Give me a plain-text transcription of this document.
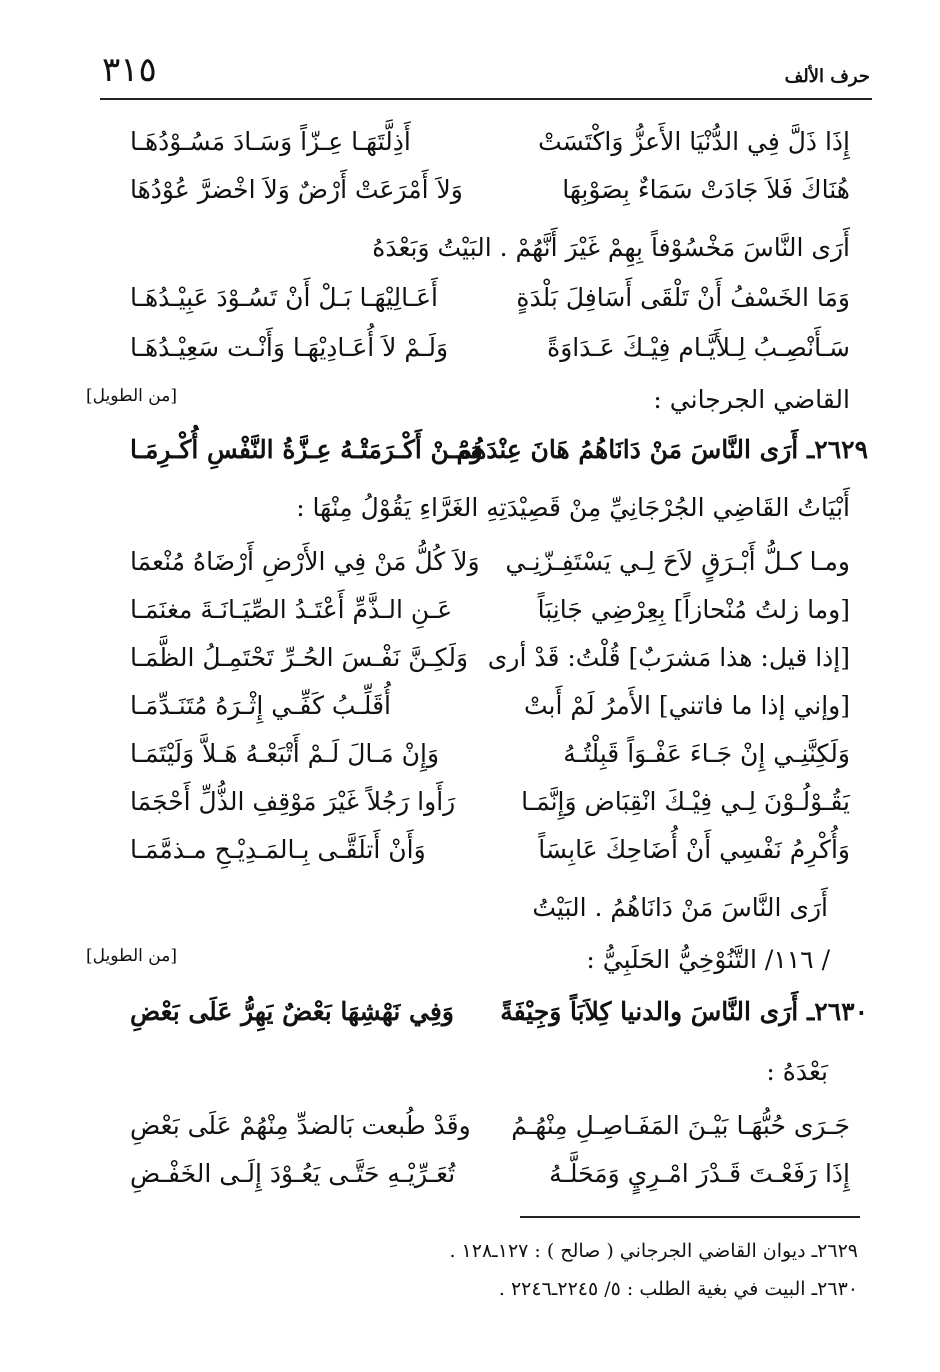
٣١٥	حرف الألف
إِذَا ذَلَّ فِي الدُّنْيَا الأَعزُّ وَاكْتَسَتْ
أَذِلَّتَهَـا عِـزّاً وَسَـادَ مَسُـوْدُهَـا
هُنَاكَ فَلاَ جَادَتْ سَمَاءٌ بِصَوْبِهَا
وَلاَ أَمْرَعَتْ أَرْضٌ وَلاَ اخْضرَّ عُوْدُهَا
أَرَى النَّاسَ مَخْسُوْفاً بِهِمْ غَيْرَ أَنَّهُمْ . البَيْتُ وَبَعْدَهُ
وَمَا الخَسْفُ أَنْ تَلْقَى أَسَافِلَ بَلْدَةٍ
أَعَـالِيْهَـا بَـلْ أَنْ تَسُـوْدَ عَبِيْـدُهَـا
سَـأَنْصِـبُ لِـلأَيَّـام فِيْـكَ عَـدَاوَةً
وَلَـمْ لاَ أُعَـادِيْهَـا وَأَنْـت سَعِيْـدُهَـا
القاضي الجرجاني :
[من الطويل]
٢٦٢٩ـ أَرَى النَّاسَ مَنْ دَانَاهُمُ هَانَ عِنْدَهُمْ
وَمَـنْ أَكْـرَمَتْـهُ عِـزَّةُ النَّفْسِ أُكْـرِمَـا
أَبْيَاتُ القَاضِي الجُرْجَانِيِّ مِنْ قَصِيْدَتِهِ الغَرَّاءِ يَقُوْلُ مِنْهَا :
ومـا كـلُّ أَبْـرَقٍ لاَحَ لِـي يَسْتَفِـزّنِـي
وَلاَ كُلُّ مَنْ فِي الأَرْضِ أَرْضَاهُ مُنْعمَا
[وما زلتُ مُنْحازاً] بِعِرْضِي جَانِبَاً
عَـنِ الـذَّمِّ أَعْتَـدُ الصِّيَـانَـةَ مغنَمَـا
[إذا قيل: هذا مَشرَبٌ] قُلْتُ: قَدْ أرى
وَلَكِـنَّ نَفْـسَ الحُـرِّ تَحْتَمِـلُ الظَّمَـا
[وإني إذا ما فاتني] الأَمرُ لَمْ أَبتْ
أُقَلِّـبُ كَفِّـي إِثْـرَهُ مُتَنَـدِّمَـا
وَلَكِنَّنِـي إِنْ جَـاءَ عَفْـوَاً قَبِلْتُـهُ
وَإِنْ مَـالَ لَـمْ أَتْبَعْـهُ هَـلاَّ وَلَيْتَمَـا
يَقُـوْلُـوْنَ لِـي فِيْـكَ انْقِبَاض وَإِنَّمَـا
رَأَوا رَجُلاً غَيْرَ مَوْقِفِ الذُّلِّ أَحْجَمَا
وَأُكْرِمُ نَفْسِي أَنْ أُضَاحِكَ عَابِسَاً
وَأَنْ أَتلَقَّـى بِـالمَـدِيْـحِ مـذمَّمَـا
أَرَى النَّاسَ مَنْ دَانَاهُمُ . البَيْتُ
/ ١١٦/ التَّنُوْخِيُّ الحَلَبِيُّ :
[من الطويل]
٢٦٣٠ـ أَرَى النَّاسَ والدنيا كِلاَبَاً وَجِيْفَةً
وَفِي نَهْشِهَا بَعْضٌ يَهِرُّ عَلَى بَعْضِ
بَعْدَهُ :
جَـرَى حُبُّهَـا بَيْـنَ المَفَـاصِـلِ مِنْهُـمُ
وقَدْ طُبعت بَالضدِّ مِنْهُمْ عَلَى بَعْضِ
إِذَا رَفَعْـتَ قَـدْرَ امْـرِيٍ وَمَحَلَّـهُ
تُعَـرِّيْـهِ حَتَّـى يَعُـوْدَ إِلَـى الخَفْـضِ
٢٦٢٩ـ ديوان القاضي الجرجاني ( صالح ) : ١٢٧ـ١٢٨ .
٢٦٣٠ـ البيت في بغية الطلب : ٥/ ٢٢٤٥ـ٢٢٤٦ .
